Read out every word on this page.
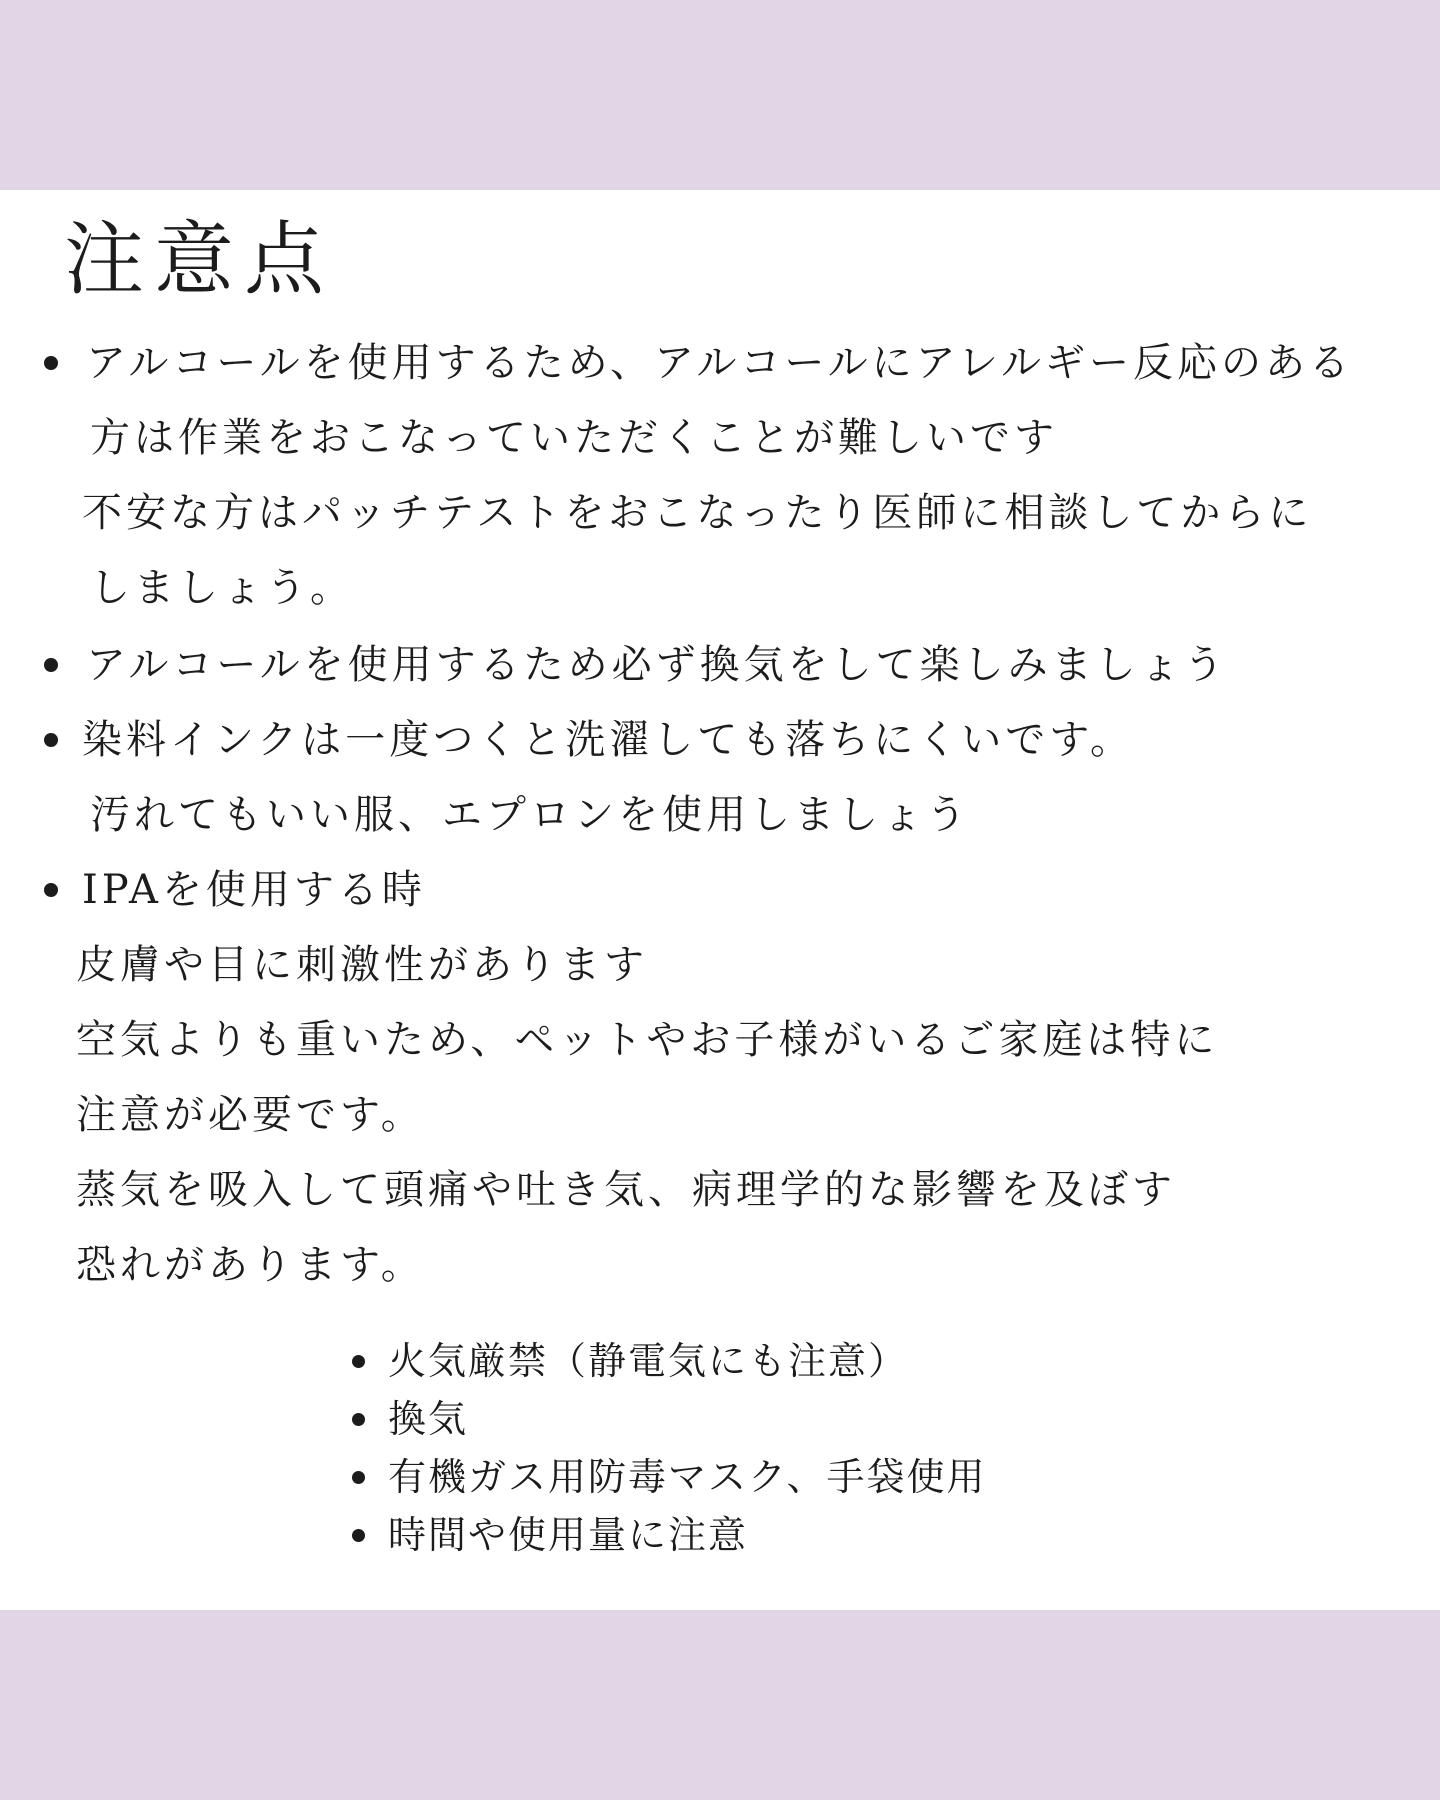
注意点
アルコールを使用するため、アルコールにアレルギー反応のある
方は作業をおこなっていただくことが難しいです
不安な方はパッチテストをおこなったり医師に相談してからに
しましょう。
アルコールを使用するため必ず換気をして楽しみましょう
染料インクは一度つくと洗濯しても落ちにくいです。
汚れてもいい服、エプロンを使用しましょう
IPAを使用する時
皮膚や目に刺激性があります
空気よりも重いため、ペットやお子様がいるご家庭は特に
注意が必要です。
蒸気を吸入して頭痛や吐き気、病理学的な影響を及ぼす
恐れがあります。
火気厳禁（静電気にも注意）
換気
有機ガス用防毒マスク、手袋使用
時間や使用量に注意
